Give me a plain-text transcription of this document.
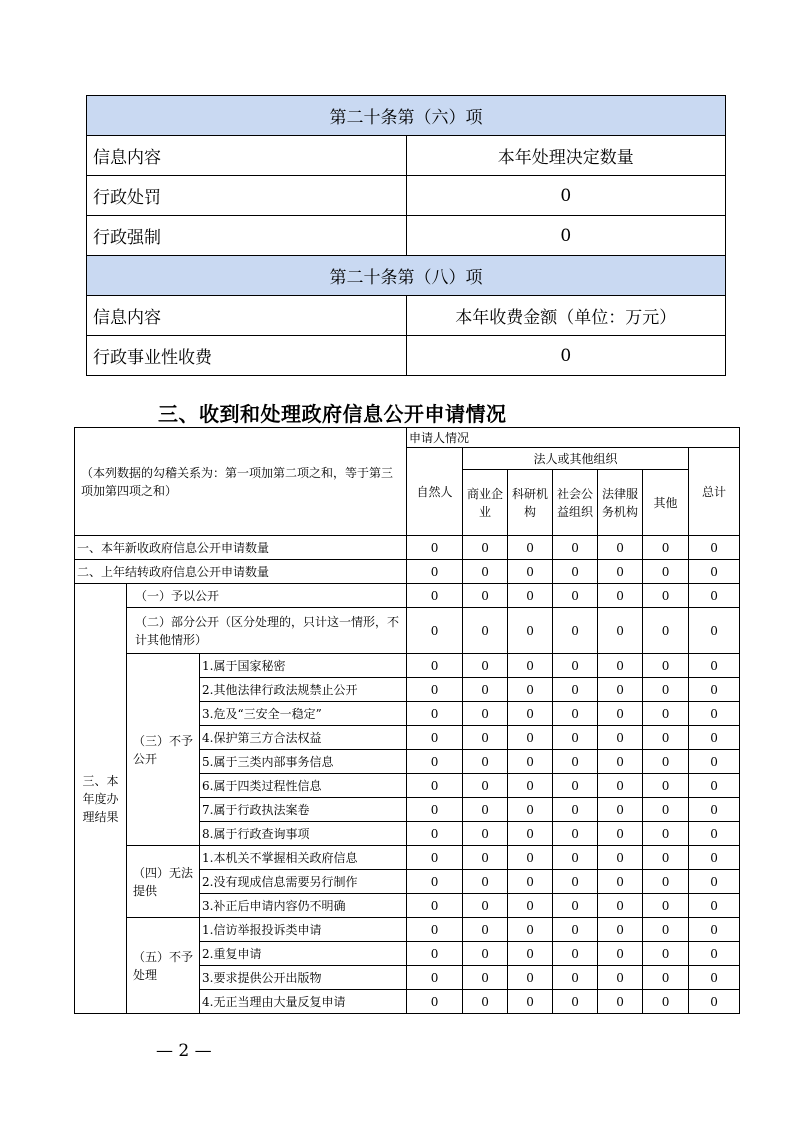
第二十条第（六）项	
信息内容	本年处理决定数量
行政处罚	0
行政强制	0
第二十条第（八）项	
信息内容	本年收费金额（单位：万元）
行政事业性收费	0
三、收到和处理政府信息公开申请情况
（本列数据的勾稽关系为：第一项加第二项之和，等于第三项加第四项之和）			申请人情况						
			自然人	法人或其他组织					总计
				商业企业	科研机构	社会公益组织	法律服务机构	其他	
一、本年新收政府信息公开申请数量			0	0	0	0	0	0	0
二、上年结转政府信息公开申请数量			0	0	0	0	0	0	0
三、本年度办理结果	（一）予以公开		0	0	0	0	0	0	0
	（二）部分公开（区分处理的，只计这一情形，不计其他情形）		0	0	0	0	0	0	0
	（三）不予公开	1.属于国家秘密	0	0	0	0	0	0	0
		2.其他法律行政法规禁止公开	0	0	0	0	0	0	0
		3.危及“三安全一稳定”	0	0	0	0	0	0	0
		4.保护第三方合法权益	0	0	0	0	0	0	0
		5.属于三类内部事务信息	0	0	0	0	0	0	0
		6.属于四类过程性信息	0	0	0	0	0	0	0
		7.属于行政执法案卷	0	0	0	0	0	0	0
		8.属于行政查询事项	0	0	0	0	0	0	0
	（四）无法提供	1.本机关不掌握相关政府信息	0	0	0	0	0	0	0
		2.没有现成信息需要另行制作	0	0	0	0	0	0	0
		3.补正后申请内容仍不明确	0	0	0	0	0	0	0
	（五）不予处理	1.信访举报投诉类申请	0	0	0	0	0	0	0
		2.重复申请	0	0	0	0	0	0	0
		3.要求提供公开出版物	0	0	0	0	0	0	0
		4.无正当理由大量反复申请	0	0	0	0	0	0	0

— 2 —
